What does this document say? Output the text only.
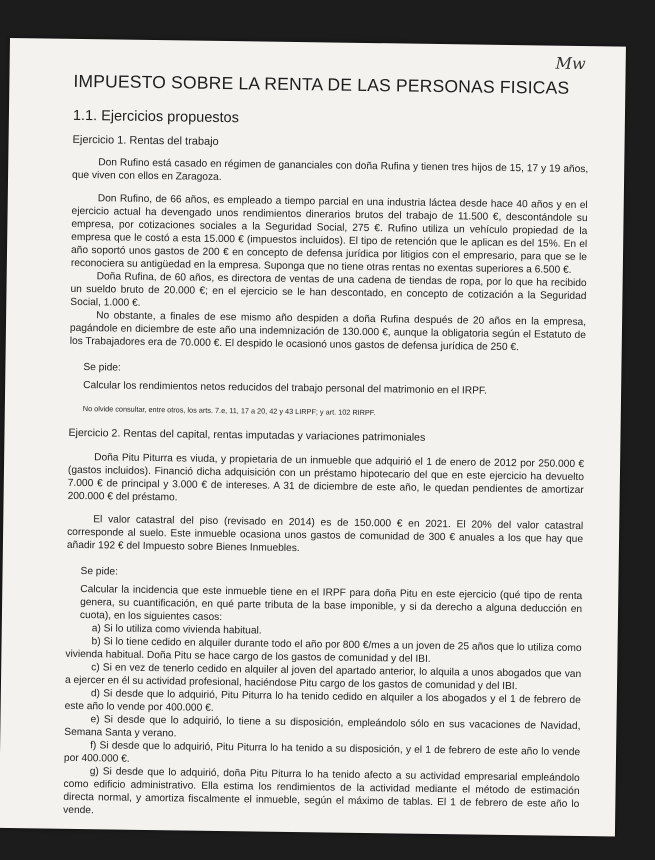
Mw
IMPUESTO SOBRE LA RENTA DE LAS PERSONAS FISICAS
1.1. Ejercicios propuestos
Ejercicio 1. Rentas del trabajo

Don Rufino está casado en régimen de gananciales con doña Rufina y tienen tres hijos de 15, 17 y 19 años, que viven con ellos en Zaragoza.

Don Rufino, de 66 años, es empleado a tiempo parcial en una industria láctea desde hace 40 años y en el ejercicio actual ha devengado unos rendimientos dinerarios brutos del trabajo de 11.500 €, descontándole su empresa, por cotizaciones sociales a la Seguridad Social, 275 €. Rufino utiliza un vehículo propiedad de la empresa que le costó a esta 15.000 € (impuestos incluidos). El tipo de retención que le aplican es del 15%. En el año soportó unos gastos de 200 € en concepto de defensa jurídica por litigios con el empresario, para que se le reconociera su antigüedad en la empresa. Suponga que no tiene otras rentas no exentas superiores a 6.500 €.

Doña Rufina, de 60 años, es directora de ventas de una cadena de tiendas de ropa, por lo que ha recibido un sueldo bruto de 20.000 €; en el ejercicio se le han descontado, en concepto de cotización a la Seguridad Social, 1.000 €.

No obstante, a finales de ese mismo año despiden a doña Rufina después de 20 años en la empresa, pagándole en diciembre de este año una indemnización de 130.000 €, aunque la obligatoria según el Estatuto de los Trabajadores era de 70.000 €. El despido le ocasionó unos gastos de defensa jurídica de 250 €.

Se pide:
Calcular los rendimientos netos reducidos del trabajo personal del matrimonio en el IRPF.
No olvide consultar, entre otros, los arts. 7.e, 11, 17 a 20, 42 y 43 LIRPF; y art. 102 RIRPF.
Ejercicio 2. Rentas del capital, rentas imputadas y variaciones patrimoniales

Doña Pitu Piturra es viuda, y propietaria de un inmueble que adquirió el 1 de enero de 2012 por 250.000 € (gastos incluidos). Financió dicha adquisición con un préstamo hipotecario del que en este ejercicio ha devuelto 7.000 € de principal y 3.000 € de intereses. A 31 de diciembre de este año, le quedan pendientes de amortizar 200.000 € del préstamo.

El valor catastral del piso (revisado en 2014) es de 150.000 € en 2021. El 20% del valor catastral corresponde al suelo. Este inmueble ocasiona unos gastos de comunidad de 300 € anuales a los que hay que añadir 192 € del Impuesto sobre Bienes Inmuebles.

Se pide:
Calcular la incidencia que este inmueble tiene en el IRPF para doña Pitu en este ejercicio (qué tipo de renta genera, su cuantificación, en qué parte tributa de la base imponible, y si da derecho a alguna deducción en cuota), en los siguientes casos:
a) Si lo utiliza como vivienda habitual.
b) Si lo tiene cedido en alquiler durante todo el año por 800 €/mes a un joven de 25 años que lo utiliza como vivienda habitual. Doña Pitu se hace cargo de los gastos de comunidad y del IBI.
c) Si en vez de tenerlo cedido en alquiler al joven del apartado anterior, lo alquila a unos abogados que van a ejercer en él su actividad profesional, haciéndose Pitu cargo de los gastos de comunidad y del IBI.
d) Si desde que lo adquirió, Pitu Piturra lo ha tenido cedido en alquiler a los abogados y el 1 de febrero de este año lo vende por 400.000 €.
e) Si desde que lo adquirió, lo tiene a su disposición, empleándolo sólo en sus vacaciones de Navidad, Semana Santa y verano.
f) Si desde que lo adquirió, Pitu Piturra lo ha tenido a su disposición, y el 1 de febrero de este año lo vende por 400.000 €.
g) Si desde que lo adquirió, doña Pitu Piturra lo ha tenido afecto a su actividad empresarial empleándolo como edificio administrativo. Ella estima los rendimientos de la actividad mediante el método de estimación directa normal, y amortiza fiscalmente el inmueble, según el máximo de tablas. El 1 de febrero de este año lo vende.
No olvide consultar, entre otros, los arts. 21 a 26 y 85 LIRPF y D.T. 18ª LIRPF; y arts. 14, 90, 100 RIRP
